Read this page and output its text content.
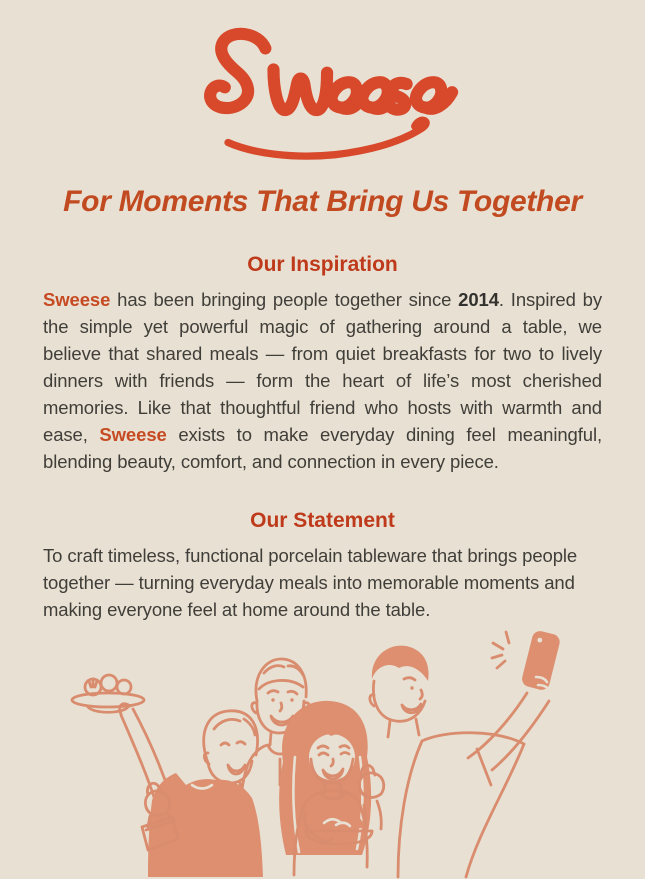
For Moments That Bring Us Together
Our Inspiration

Sweese has been bringing people together since 2014. Inspired by the simple yet powerful magic of gathering around a table, we believe that shared meals — from quiet breakfasts for two to lively dinners with friends — form the heart of life’s most cherished memories. Like that thoughtful friend who hosts with warmth and ease, Sweese exists to make everyday dining feel meaningful, blending beauty, comfort, and connection in every piece.

Our Statement

To craft timeless, functional porcelain tableware that brings people together — turning everyday meals into memorable moments and making everyone feel at home around the table.
